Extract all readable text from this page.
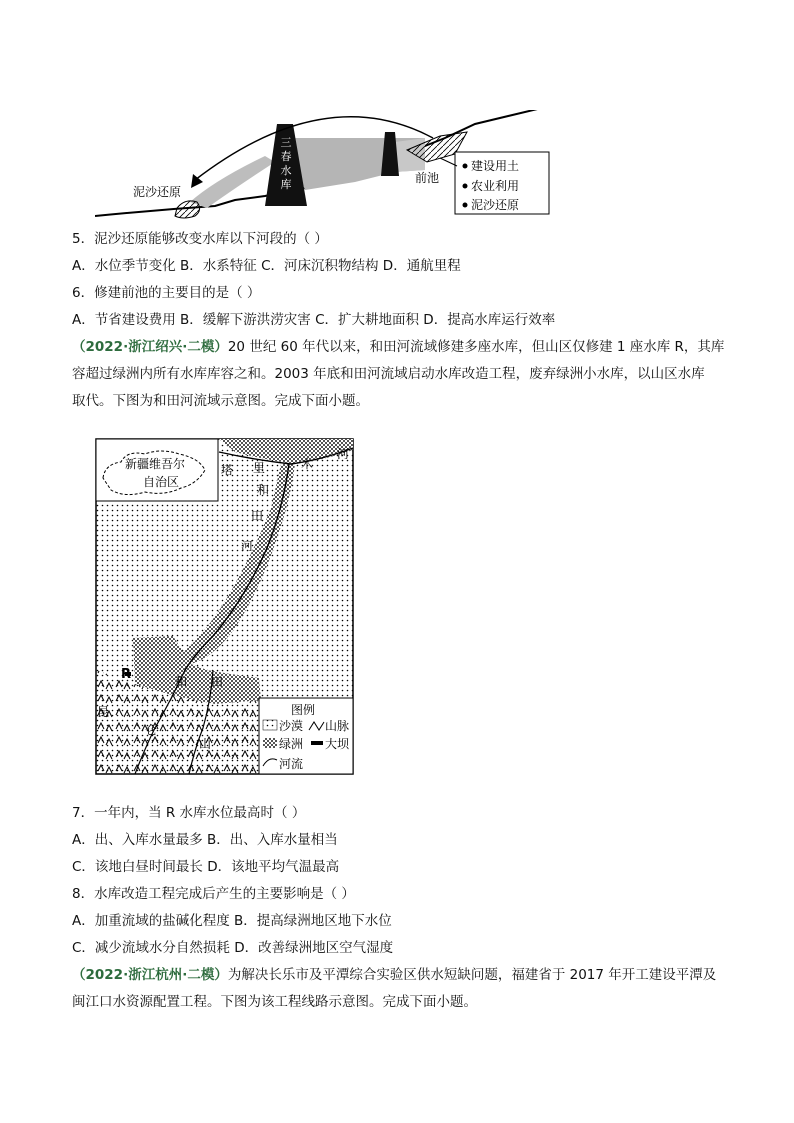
三
春
水
库
泥沙还原
前池
建设用土
农业利用
泥沙还原
5．泥沙还原能够改变水库以下河段的（ ）
A．水位季节变化 B．水系特征 C．河床沉积物结构 D．通航里程
6．修建前池的主要目的是（ ）
A．节省建设费用 B．缓解下游洪涝灾害 C．扩大耕地面积 D．提高水库运行效率
（2022·浙江绍兴·二模）20 世纪 60 年代以来，和田河流域修建多座水库，但山区仅修建 1 座水库 R，其库
容超过绿洲内所有水库库容之和。2003 年底和田河流域启动水库改造工程，废弃绿洲小水库，以山区水库
取代。下图为和田河流域示意图。完成下面小题。
新疆维吾尔
自治区
R
塔 里	木
河
和
田
河
和 田
昆
仑
山
图例
沙漠 山脉
绿洲 大坝
河流
7．一年内，当 R 水库水位最高时（ ）
A．出、入库水量最多 B．出、入库水量相当
C．该地白昼时间最长 D．该地平均气温最高
8．水库改造工程完成后产生的主要影响是（ ）
A．加重流域的盐碱化程度 B．提高绿洲地区地下水位
C．减少流域水分自然损耗 D．改善绿洲地区空气湿度
（2022·浙江杭州·二模）为解决长乐市及平潭综合实验区供水短缺问题，福建省于 2017 年开工建设平潭及
闽江口水资源配置工程。下图为该工程线路示意图。完成下面小题。
